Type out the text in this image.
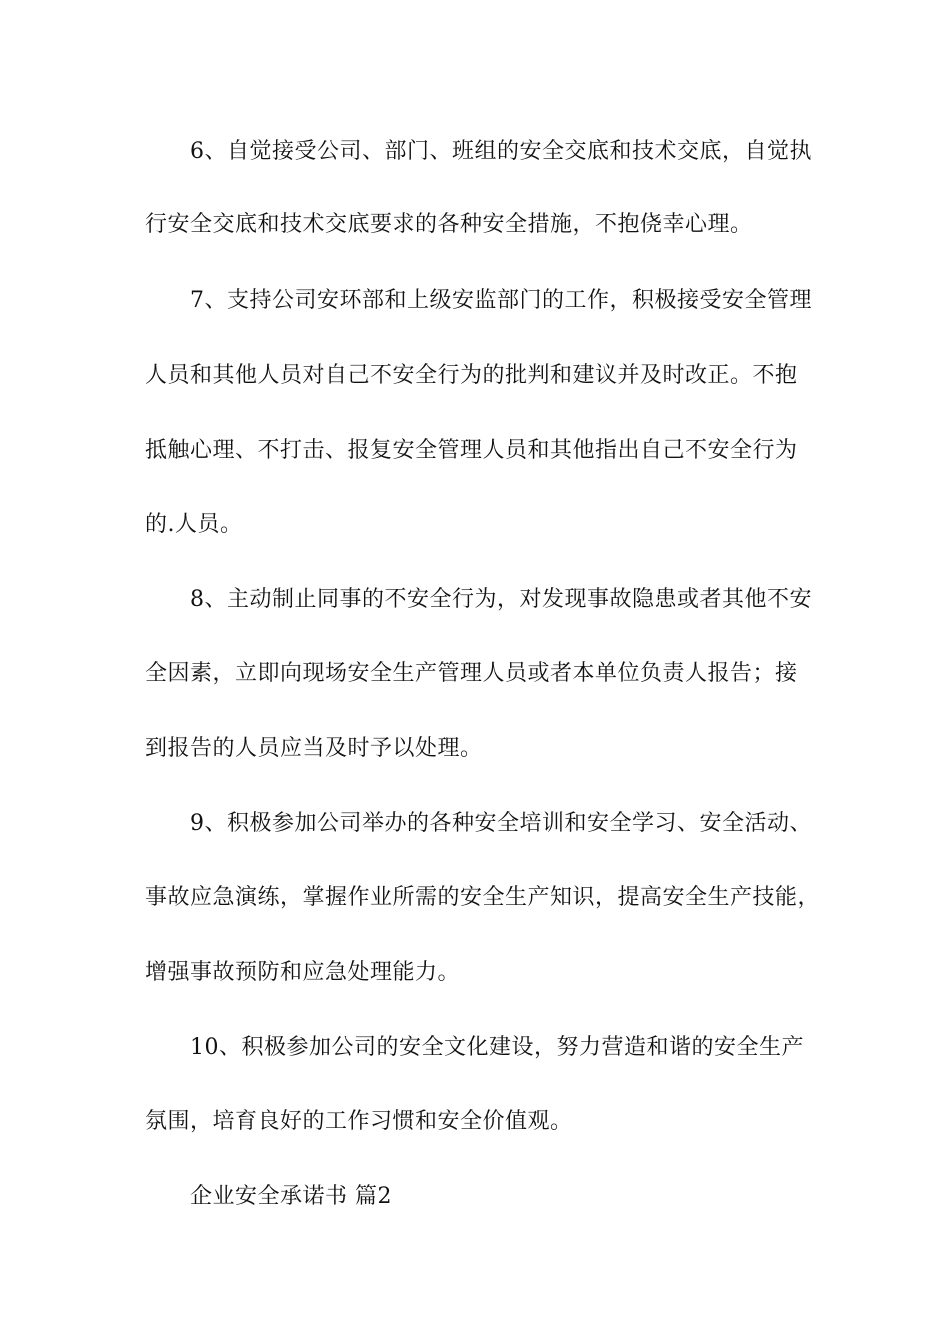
6、自觉接受公司、部门、班组的安全交底和技术交底，自觉执
行安全交底和技术交底要求的各种安全措施，不抱侥幸心理。
7、支持公司安环部和上级安监部门的工作，积极接受安全管理
人员和其他人员对自己不安全行为的批判和建议并及时改正。不抱
抵触心理、不打击、报复安全管理人员和其他指出自己不安全行为
的.人员。
8、主动制止同事的不安全行为，对发现事故隐患或者其他不安
全因素，立即向现场安全生产管理人员或者本单位负责人报告；接
到报告的人员应当及时予以处理。
9、积极参加公司举办的各种安全培训和安全学习、安全活动、
事故应急演练，掌握作业所需的安全生产知识，提高安全生产技能，
增强事故预防和应急处理能力。
10、积极参加公司的安全文化建设，努力营造和谐的安全生产
氛围，培育良好的工作习惯和安全价值观。
企业安全承诺书 篇2
